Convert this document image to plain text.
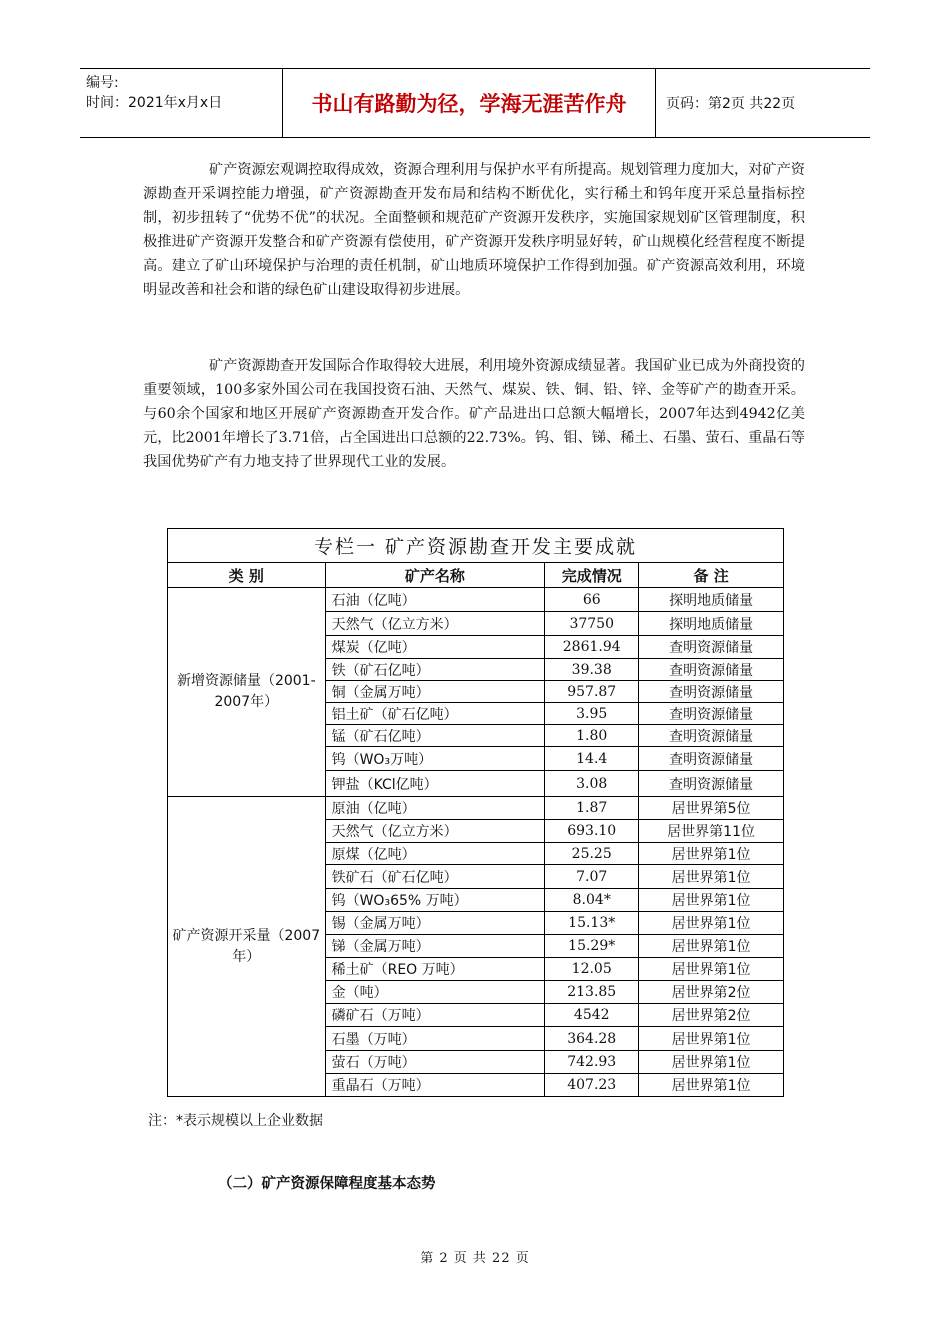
编号:
时间：2021年x月x日	书山有路勤为径，学海无涯苦作舟	页码：第2页 共22页

矿产资源宏观调控取得成效，资源合理利用与保护水平有所提高。规划管理力度加大，对矿产资源勘查开采调控能力增强，矿产资源勘查开发布局和结构不断优化，实行稀土和钨年度开采总量指标控制，初步扭转了“优势不优”的状况。全面整顿和规范矿产资源开发秩序，实施国家规划矿区管理制度，积极推进矿产资源开发整合和矿产资源有偿使用，矿产资源开发秩序明显好转，矿山规模化经营程度不断提高。建立了矿山环境保护与治理的责任机制，矿山地质环境保护工作得到加强。矿产资源高效利用，环境明显改善和社会和谐的绿色矿山建设取得初步进展。

矿产资源勘查开发国际合作取得较大进展，利用境外资源成绩显著。我国矿业已成为外商投资的重要领域，100多家外国公司在我国投资石油、天然气、煤炭、铁、铜、铅、锌、金等矿产的勘查开采。与60余个国家和地区开展矿产资源勘查开发合作。矿产品进出口总额大幅增长，2007年达到4942亿美元，比2001年增长了3.71倍，占全国进出口总额的22.73%。钨、钼、锑、稀土、石墨、萤石、重晶石等我国优势矿产有力地支持了世界现代工业的发展。

专栏一 矿产资源勘查开发主要成就			
类 别	矿产名称	完成情况	备 注
新增资源储量（2001-2007年）	石油（亿吨）	66	探明地质储量
	天然气（亿立方米）	37750	探明地质储量
	煤炭（亿吨）	2861.94	查明资源储量
	铁（矿石亿吨）	39.38	查明资源储量
	铜（金属万吨）	957.87	查明资源储量
	铝土矿（矿石亿吨）	3.95	查明资源储量
	锰（矿石亿吨）	1.80	查明资源储量
	钨（WO₃万吨）	14.4	查明资源储量
	钾盐（KCl亿吨）	3.08	查明资源储量
矿产资源开采量（2007年）	原油（亿吨）	1.87	居世界第5位
	天然气（亿立方米）	693.10	居世界第11位
	原煤（亿吨）	25.25	居世界第1位
	铁矿石（矿石亿吨）	7.07	居世界第1位
	钨（WO₃65% 万吨）	8.04*	居世界第1位
	锡（金属万吨）	15.13*	居世界第1位
	锑（金属万吨）	15.29*	居世界第1位
	稀土矿（REO 万吨）	12.05	居世界第1位
	金（吨）	213.85	居世界第2位
	磷矿石（万吨）	4542	居世界第2位
	石墨（万吨）	364.28	居世界第1位
	萤石（万吨）	742.93	居世界第1位
	重晶石（万吨）	407.23	居世界第1位
注：*表示规模以上企业数据
（二）矿产资源保障程度基本态势
第 2 页 共 22 页
